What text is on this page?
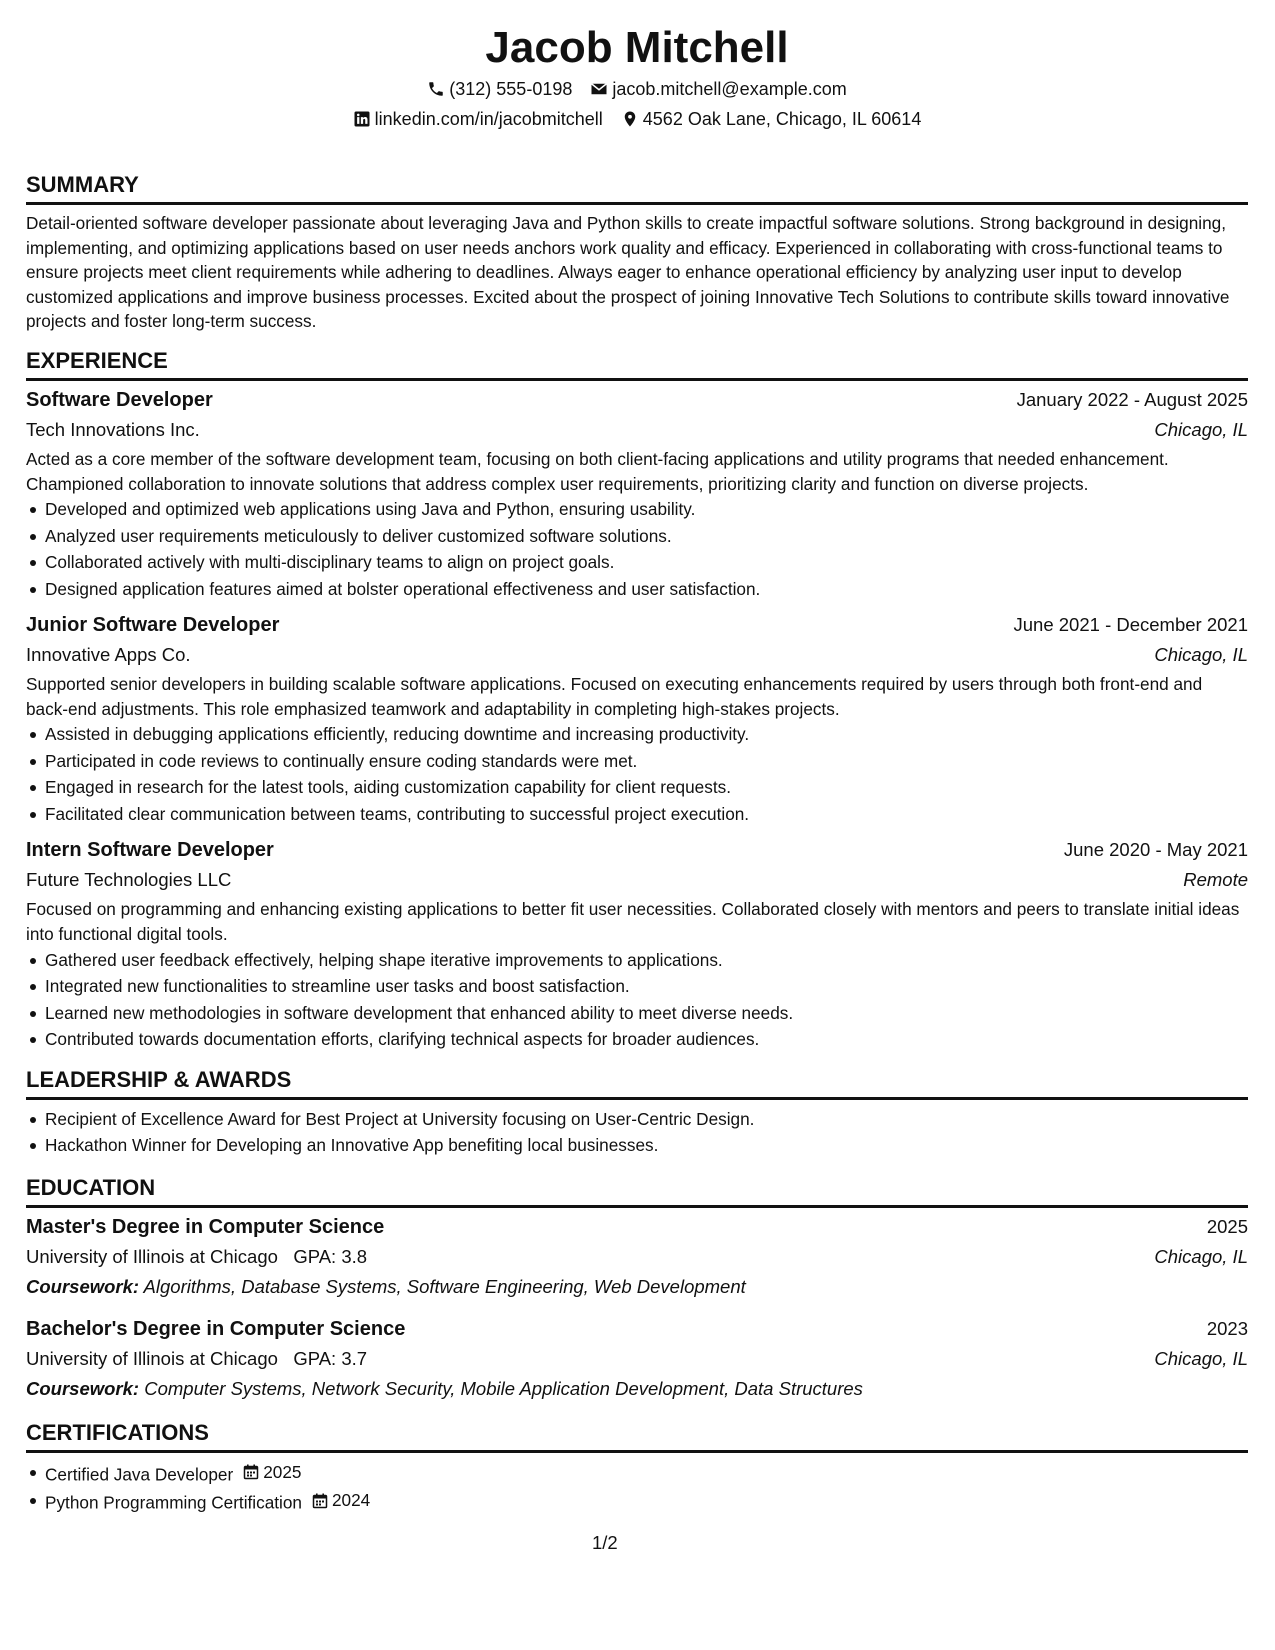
Jacob Mitchell
(312) 555-0198 jacob.mitchell@example.com
linkedin.com/in/jacobmitchell 4562 Oak Lane, Chicago, IL 60614
SUMMARY
Detail-oriented software developer passionate about leveraging Java and Python skills to create impactful software solutions. Strong background in designing, implementing, and optimizing applications based on user needs anchors work quality and efficacy. Experienced in collaborating with cross-functional teams to ensure projects meet client requirements while adhering to deadlines. Always eager to enhance operational efficiency by analyzing user input to develop customized applications and improve business processes. Excited about the prospect of joining Innovative Tech Solutions to contribute skills toward innovative projects and foster long-term success.
EXPERIENCE
Software Developer	January 2022 - August 2025
Tech Innovations Inc.	Chicago, IL
Acted as a core member of the software development team, focusing on both client-facing applications and utility programs that needed enhancement. Championed collaboration to innovate solutions that address complex user requirements, prioritizing clarity and function on diverse projects.
Developed and optimized web applications using Java and Python, ensuring usability.
Analyzed user requirements meticulously to deliver customized software solutions.
Collaborated actively with multi-disciplinary teams to align on project goals.
Designed application features aimed at bolster operational effectiveness and user satisfaction.
Junior Software Developer	June 2021 - December 2021
Innovative Apps Co.	Chicago, IL
Supported senior developers in building scalable software applications. Focused on executing enhancements required by users through both front-end and back-end adjustments. This role emphasized teamwork and adaptability in completing high-stakes projects.
Assisted in debugging applications efficiently, reducing downtime and increasing productivity.
Participated in code reviews to continually ensure coding standards were met.
Engaged in research for the latest tools, aiding customization capability for client requests.
Facilitated clear communication between teams, contributing to successful project execution.
Intern Software Developer	June 2020 - May 2021
Future Technologies LLC	Remote
Focused on programming and enhancing existing applications to better fit user necessities. Collaborated closely with mentors and peers to translate initial ideas into functional digital tools.
Gathered user feedback effectively, helping shape iterative improvements to applications.
Integrated new functionalities to streamline user tasks and boost satisfaction.
Learned new methodologies in software development that enhanced ability to meet diverse needs.
Contributed towards documentation efforts, clarifying technical aspects for broader audiences.
LEADERSHIP & AWARDS
Recipient of Excellence Award for Best Project at University focusing on User-Centric Design.
Hackathon Winner for Developing an Innovative App benefiting local businesses.
EDUCATION
Master's Degree in Computer Science	2025
University of Illinois at Chicago GPA: 3.8	Chicago, IL
Coursework: Algorithms, Database Systems, Software Engineering, Web Development
Bachelor's Degree in Computer Science	2023
University of Illinois at Chicago GPA: 3.7	Chicago, IL
Coursework: Computer Systems, Network Security, Mobile Application Development, Data Structures
CERTIFICATIONS
Certified Java Developer 2025
Python Programming Certification 2024
1/2
